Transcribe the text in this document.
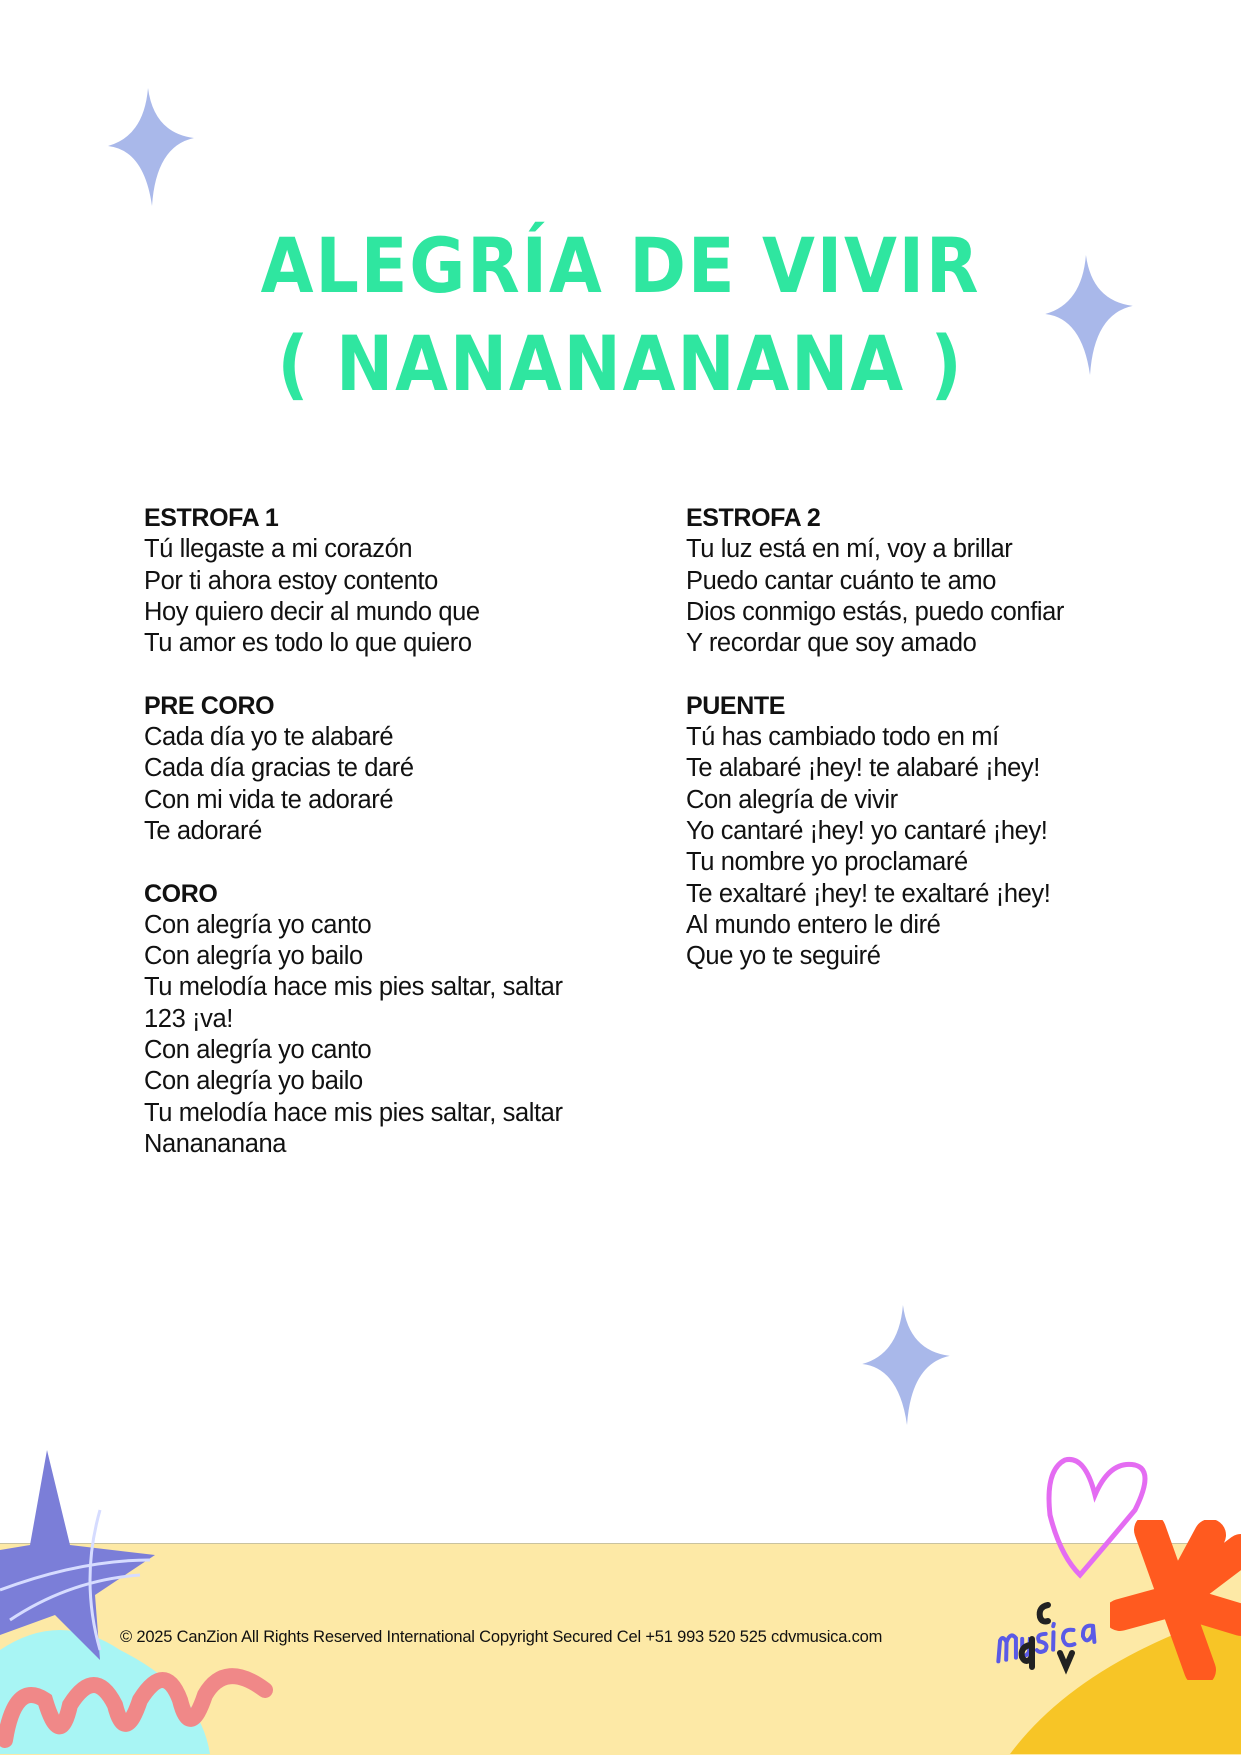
ALEGRÍA DE VIVIR
( NANANANANA )
ESTROFA 1
Tú llegaste a mi corazón
Por ti ahora estoy contento
Hoy quiero decir al mundo que
Tu amor es todo lo que quiero
PRE CORO
Cada día yo te alabaré
Cada día gracias te daré
Con mi vida te adoraré
Te adoraré
CORO
Con alegría yo canto
Con alegría yo bailo
Tu melodía hace mis pies saltar, saltar
123 ¡va!
Con alegría yo canto
Con alegría yo bailo
Tu melodía hace mis pies saltar, saltar
Nanananana
ESTROFA 2
Tu luz está en mí, voy a brillar
Puedo cantar cuánto te amo
Dios conmigo estás, puedo confiar
Y recordar que soy amado
PUENTE
Tú has cambiado todo en mí
Te alabaré ¡hey! te alabaré ¡hey!
Con alegría de vivir
Yo cantaré ¡hey! yo cantaré ¡hey!
Tu nombre yo proclamaré
Te exaltaré ¡hey! te exaltaré ¡hey!
Al mundo entero le diré
Que yo te seguiré
© 2025 CanZion All Rights Reserved International Copyright Secured Cel +51 993 520 525 cdvmusica.com
